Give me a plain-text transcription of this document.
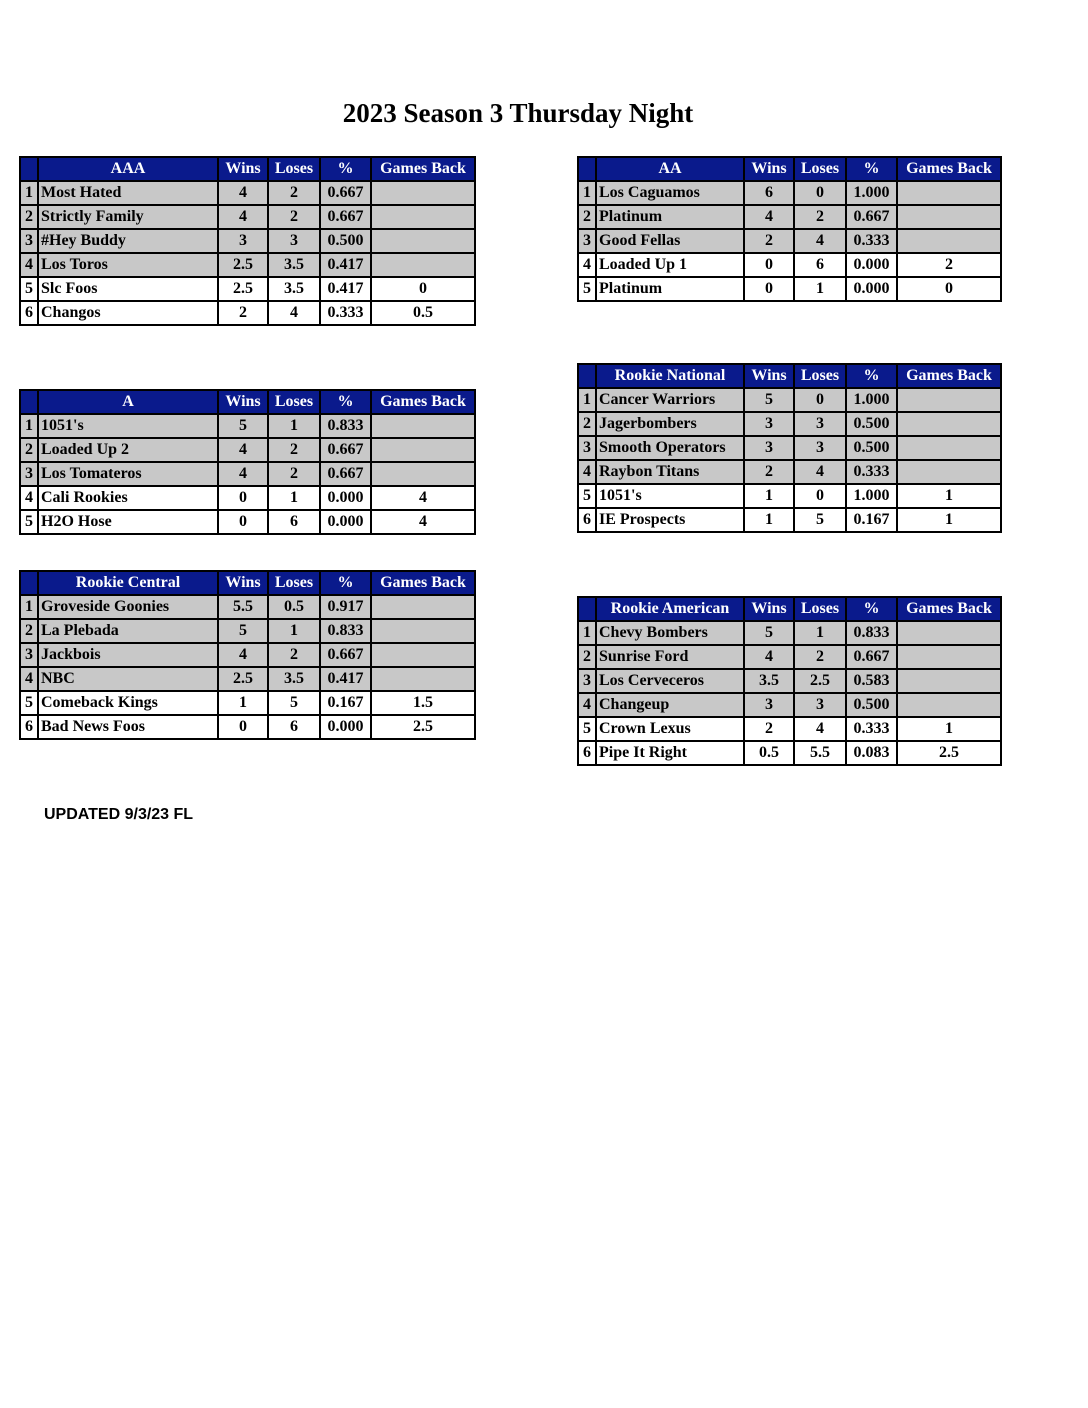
2023 Season 3 Thursday Night
	AAA	Wins	Loses	%	Games Back
1	Most Hated	4	2	0.667	
2	Strictly Family	4	2	0.667	
3	#Hey Buddy	3	3	0.500	
4	Los Toros	2.5	3.5	0.417	
5	Slc Foos	2.5	3.5	0.417	0
6	Changos	2	4	0.333	0.5
	AA	Wins	Loses	%	Games Back
1	Los Caguamos	6	0	1.000	
2	Platinum	4	2	0.667	
3	Good Fellas	2	4	0.333	
4	Loaded Up 1	0	6	0.000	2
5	Platinum	0	1	0.000	0
	A	Wins	Loses	%	Games Back
1	1051's	5	1	0.833	
2	Loaded Up 2	4	2	0.667	
3	Los Tomateros	4	2	0.667	
4	Cali Rookies	0	1	0.000	4
5	H2O Hose	0	6	0.000	4
	Rookie National	Wins	Loses	%	Games Back
1	Cancer Warriors	5	0	1.000	
2	Jagerbombers	3	3	0.500	
3	Smooth Operators	3	3	0.500	
4	Raybon Titans	2	4	0.333	
5	1051's	1	0	1.000	1
6	IE Prospects	1	5	0.167	1
	Rookie Central	Wins	Loses	%	Games Back
1	Groveside Goonies	5.5	0.5	0.917	
2	La Plebada	5	1	0.833	
3	Jackbois	4	2	0.667	
4	NBC	2.5	3.5	0.417	
5	Comeback Kings	1	5	0.167	1.5
6	Bad News Foos	0	6	0.000	2.5
	Rookie American	Wins	Loses	%	Games Back
1	Chevy Bombers	5	1	0.833	
2	Sunrise Ford	4	2	0.667	
3	Los Cerveceros	3.5	2.5	0.583	
4	Changeup	3	3	0.500	
5	Crown Lexus	2	4	0.333	1
6	Pipe It Right	0.5	5.5	0.083	2.5
UPDATED 9/3/23 FL
